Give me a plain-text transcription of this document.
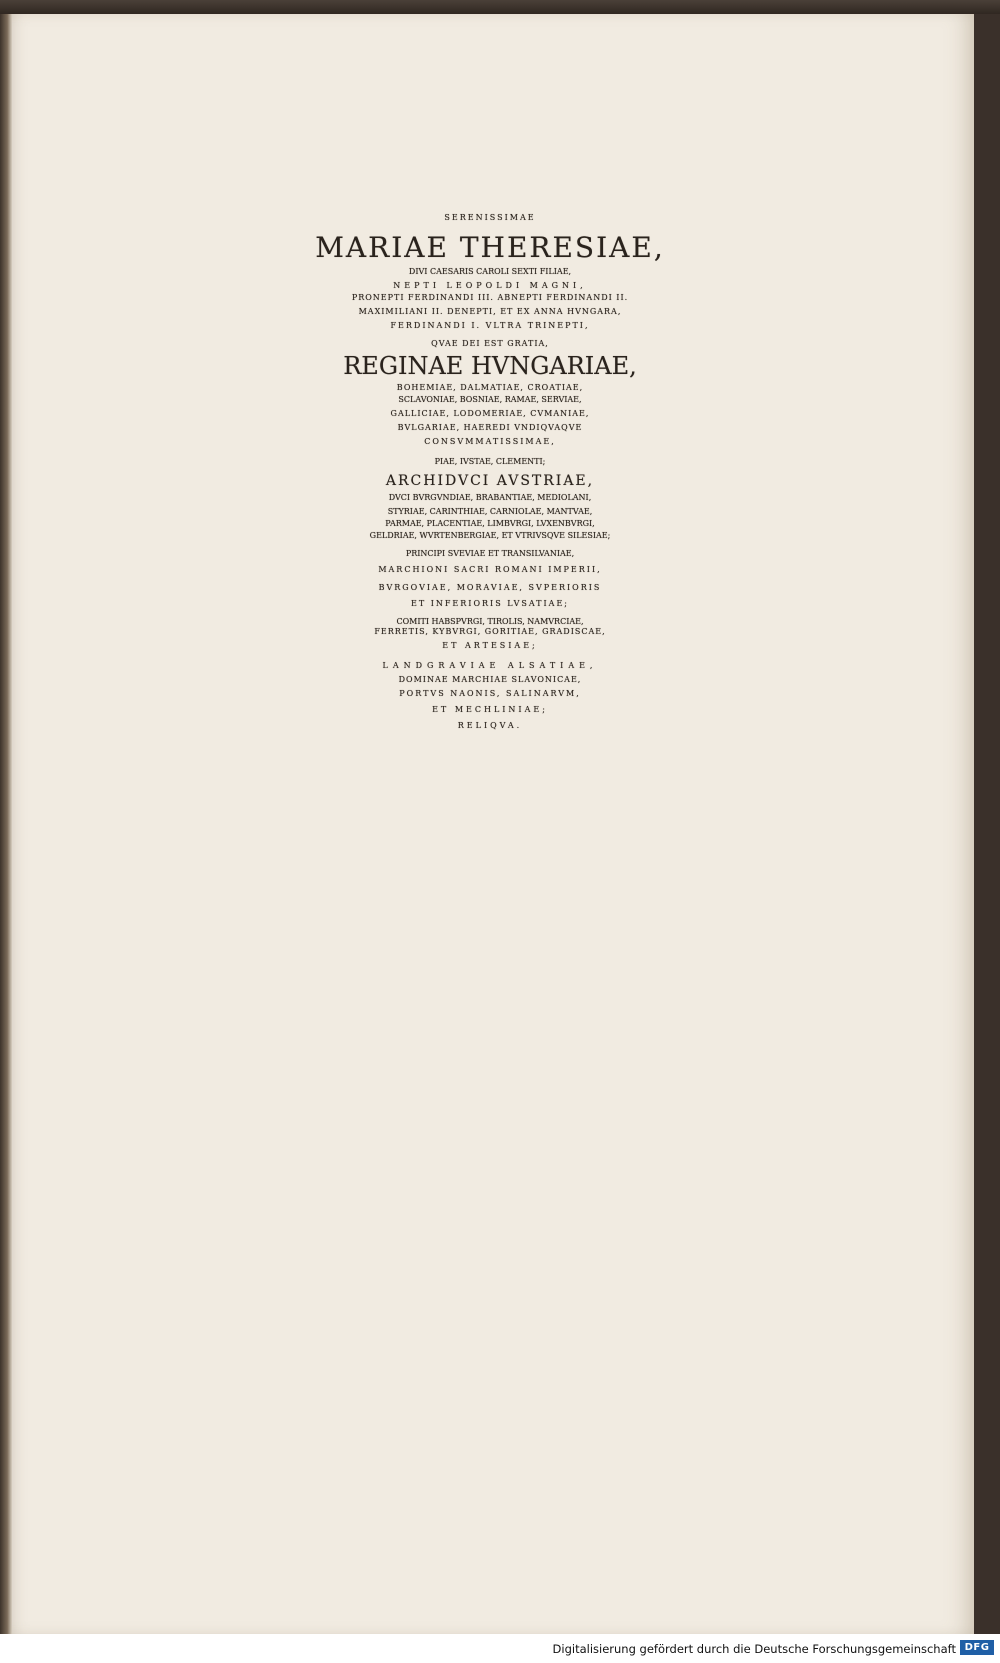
SERENISSIMAE
MARIAE THERESIAE,
DIVI CAESARIS CAROLI SEXTI FILIAE,
NEPTI LEOPOLDI MAGNI,
PRONEPTI FERDINANDI III. ABNEPTI FERDINANDI II.
MAXIMILIANI II. DENEPTI, ET EX ANNA HVNGARA,
FERDINANDI I. VLTRA TRINEPTI,
QVAE DEI EST GRATIA,
REGINAE HVNGARIAE,
BOHEMIAE, DALMATIAE, CROATIAE,
SCLAVONIAE, BOSNIAE, RAMAE, SERVIAE,
GALLICIAE, LODOMERIAE, CVMANIAE,
BVLGARIAE, HAEREDI VNDIQVAQVE
CONSVMMATISSIMAE,
PIAE, IVSTAE, CLEMENTI;
ARCHIDVCI AVSTRIAE,
DVCI BVRGVNDIAE, BRABANTIAE, MEDIOLANI,
STYRIAE, CARINTHIAE, CARNIOLAE, MANTVAE,
PARMAE, PLACENTIAE, LIMBVRGI, LVXENBVRGI,
GELDRIAE, WVRTENBERGIAE, ET VTRIVSQVE SILESIAE;
PRINCIPI SVEVIAE ET TRANSILVANIAE,
MARCHIONI SACRI ROMANI IMPERII,
BVRGOVIAE, MORAVIAE, SVPERIORIS
ET INFERIORIS LVSATIAE;
COMITI HABSPVRGI, TIROLIS, NAMVRCIAE,
FERRETIS, KYBVRGI, GORITIAE, GRADISCAE,
ET ARTESIAE;
LANDGRAVIAE ALSATIAE,
DOMINAE MARCHIAE SLAVONICAE,
PORTVS NAONIS, SALINARVM,
ET MECHLINIAE;
RELIQVA.
Digitalisierung gefördert durch die Deutsche Forschungsgemeinschaft DFG
